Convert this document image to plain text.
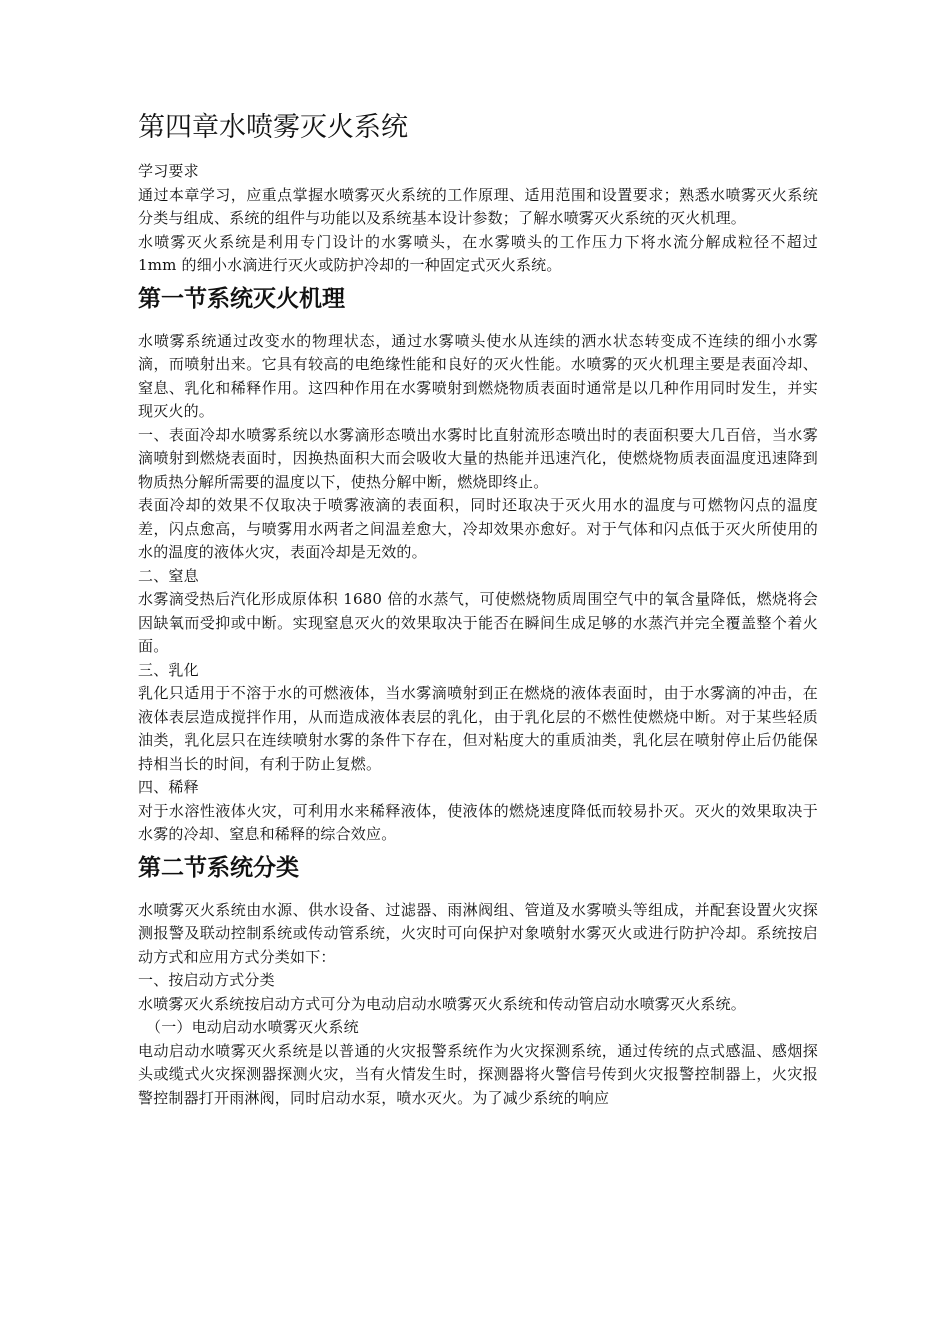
第四章水喷雾灭火系统

学习要求

通过本章学习，应重点掌握水喷雾灭火系统的工作原理、适用范围和设置要求；熟悉水喷雾灭火系统分类与组成、系统的组件与功能以及系统基本设计参数；了解水喷雾灭火系统的灭火机理。

水喷雾灭火系统是利用专门设计的水雾喷头，在水雾喷头的工作压力下将水流分解成粒径不超过 1mm 的细小水滴进行灭火或防护冷却的一种固定式灭火系统。

第一节系统灭火机理

水喷雾系统通过改变水的物理状态，通过水雾喷头使水从连续的洒水状态转变成不连续的细小水雾滴，而喷射出来。它具有较高的电绝缘性能和良好的灭火性能。水喷雾的灭火机理主要是表面冷却、窒息、乳化和稀释作用。这四种作用在水雾喷射到燃烧物质表面时通常是以几种作用同时发生，并实现灭火的。

一、表面冷却水喷雾系统以水雾滴形态喷出水雾时比直射流形态喷出时的表面积要大几百倍，当水雾滴喷射到燃烧表面时，因换热面积大而会吸收大量的热能并迅速汽化，使燃烧物质表面温度迅速降到物质热分解所需要的温度以下，使热分解中断，燃烧即终止。

表面冷却的效果不仅取决于喷雾液滴的表面积，同时还取决于灭火用水的温度与可燃物闪点的温度差，闪点愈高，与喷雾用水两者之间温差愈大，冷却效果亦愈好。对于气体和闪点低于灭火所使用的水的温度的液体火灾，表面冷却是无效的。

二、窒息

水雾滴受热后汽化形成原体积 1680 倍的水蒸气，可使燃烧物质周围空气中的氧含量降低，燃烧将会因缺氧而受抑或中断。实现窒息灭火的效果取决于能否在瞬间生成足够的水蒸汽并完全覆盖整个着火面。

三、乳化

乳化只适用于不溶于水的可燃液体，当水雾滴喷射到正在燃烧的液体表面时，由于水雾滴的冲击，在液体表层造成搅拌作用，从而造成液体表层的乳化，由于乳化层的不燃性使燃烧中断。对于某些轻质油类，乳化层只在连续喷射水雾的条件下存在，但对粘度大的重质油类，乳化层在喷射停止后仍能保持相当长的时间，有利于防止复燃。

四、稀释

对于水溶性液体火灾，可利用水来稀释液体，使液体的燃烧速度降低而较易扑灭。灭火的效果取决于水雾的冷却、窒息和稀释的综合效应。

第二节系统分类

水喷雾灭火系统由水源、供水设备、过滤器、雨淋阀组、管道及水雾喷头等组成，并配套设置火灾探测报警及联动控制系统或传动管系统，火灾时可向保护对象喷射水雾灭火或进行防护冷却。系统按启动方式和应用方式分类如下：

一、按启动方式分类

水喷雾灭火系统按启动方式可分为电动启动水喷雾灭火系统和传动管启动水喷雾灭火系统。

（一）电动启动水喷雾灭火系统

电动启动水喷雾灭火系统是以普通的火灾报警系统作为火灾探测系统，通过传统的点式感温、感烟探头或缆式火灾探测器探测火灾，当有火情发生时，探测器将火警信号传到火灾报警控制器上，火灾报警控制器打开雨淋阀，同时启动水泵，喷水灭火。为了减少系统的响应
